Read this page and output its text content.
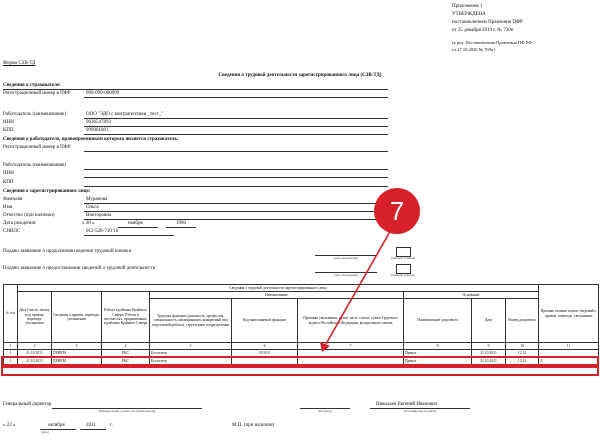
Приложение 1
УТВЕРЖДЕНА
постановлением Правления ПФР
от 25 декабря 2019 г. № 730п
(в ред. Постановления Правления ПФ РФ
от 27.10.2020 № 769п)
Форма СЗВ-ТД
Сведения о трудовой деятельности зарегистрированного лица (СЗВ-ТД)
Сведения о страхователе:
Регистрационный номер в ПФР	099-099-000999
Работодатель (наименование)	ООО "ЭДО с контрагентами _тест_"
ИНН	9636547892
КПП	999901001
Сведения о работодателе, правопреемником которого является страхователь:
Регистрационный номер в ПФР
Работодатель (наименование)
ИНН
КПП
Сведения о зарегистрированном лице:
Фамилия	Муранова
Имя	Ольга
Отчество (при наличии)	Викторовна
Дата рождения:	« 30 »	ноября	1990
СНИЛС	012-528-710 16
Подано заявление о продолжении ведения трудовой книжки
(дата заполнения)	(признак отмены)
Подано заявление о предоставлении сведений о трудовой деятельности
(дата заполнения)	(признак отмены)
№ п/п	Сведения о трудовой деятельности зарегистрированного лица									Признак отмены записи сведений о приеме, переводе, увольнении
	Дата (число, месяц, год) приема, перевода, увольнения	Сведения о приеме, переводе, увольнении	Работа в районах Крайнего Севера/ Работа в местностях, приравненных к районам Крайнего Севера	Наименование			Основание			
				Трудовая функция (должность, профессия, специальность, квалификация, конкретный вид поручаемой работы), структурное подразделение	Код выполняемой функции	Причины увольнения, пункт, часть статьи, статья Трудового кодекса Российской Федерации, федерального закона	Наименование документа	Дата	Номер документа	
1	2	3	4	5	6	7	8	9	10	11
1	21.10.2021	ПРИЕМ	РКС	Бухгалтер	0510.9		Приказ	21.10.2021	12.12	
2	21.10.2021	ПРИЕМ	РКС	Бухгалтер			Приказ	21.10.2021	12.12	Х
7
Генеральный директор
(Наименование должности руководителя)	(Подпись)
Николаев Евгений Иванович
(Расшифровка подписи)
« 22 »	октября
(дата)
2021	г.	М.П. (при наличии)
